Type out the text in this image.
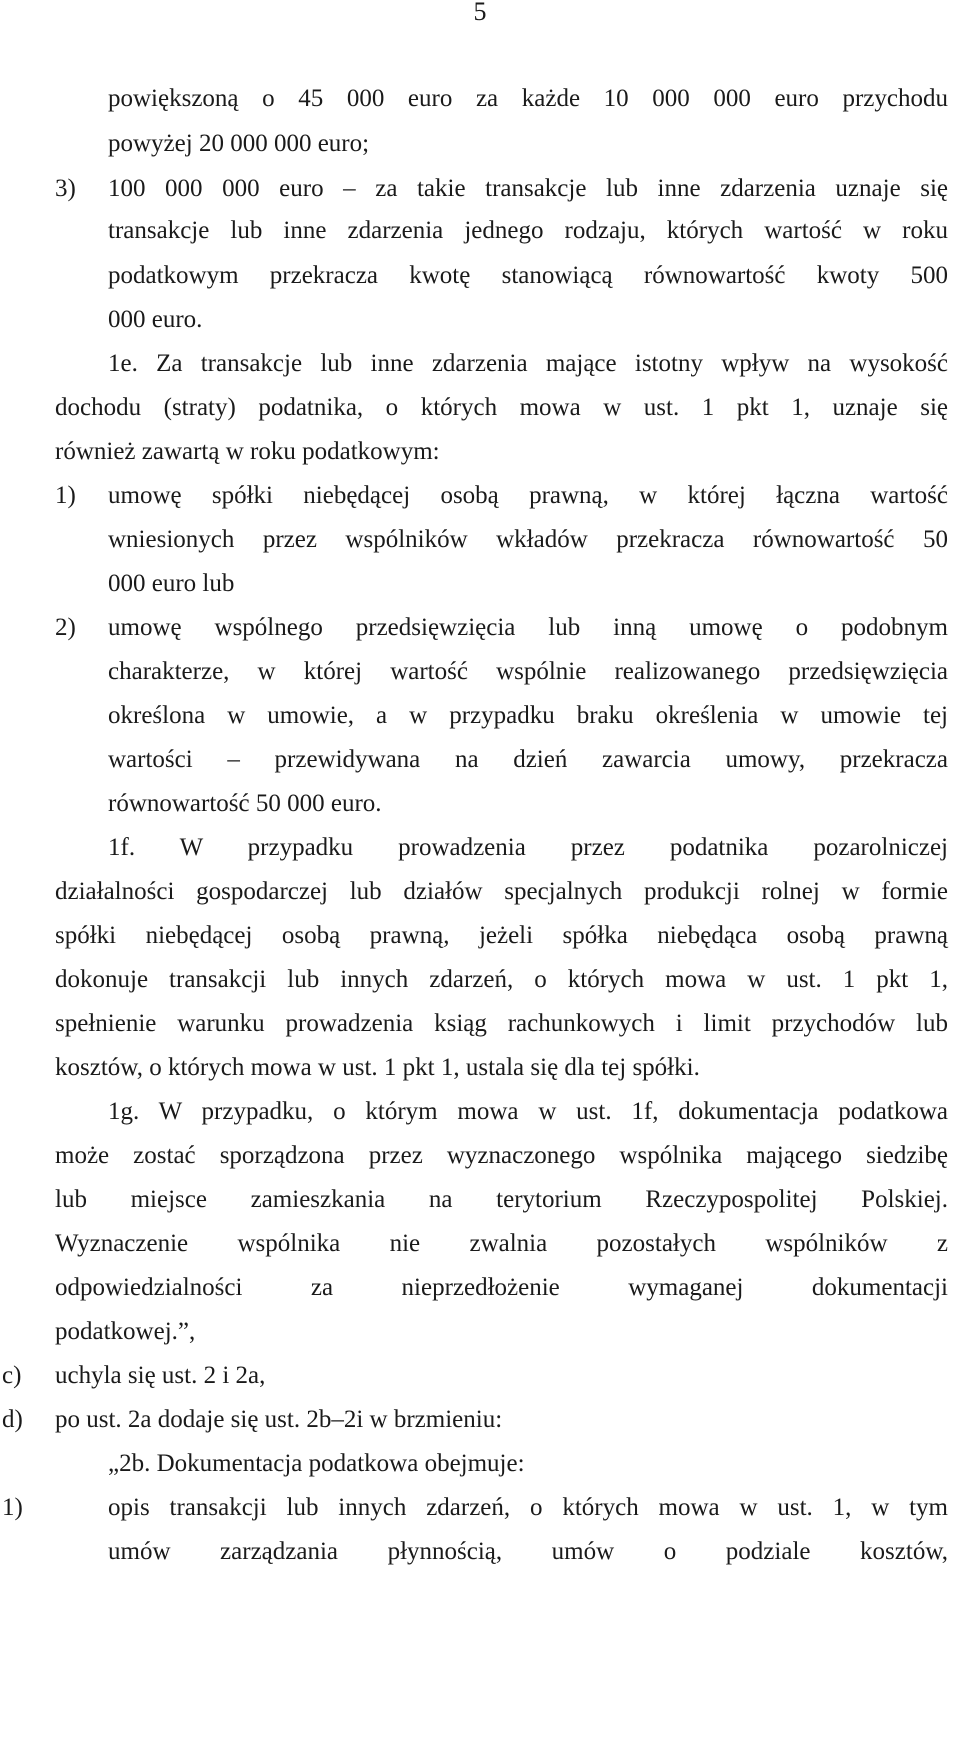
5
powiększoną o 45 000 euro za każde 10 000 000 euro przychodu
powyżej 20 000 000 euro;
3) 100 000 000 euro – za takie transakcje lub inne zdarzenia uznaje się
transakcje lub inne zdarzenia jednego rodzaju, których wartość w roku
podatkowym przekracza kwotę stanowiącą równowartość kwoty 500
000 euro.
1e. Za transakcje lub inne zdarzenia mające istotny wpływ na wysokość
dochodu (straty) podatnika, o których mowa w ust. 1 pkt 1, uznaje się
również zawartą w roku podatkowym:
1) umowę spółki niebędącej osobą prawną, w której łączna wartość
wniesionych przez wspólników wkładów przekracza równowartość 50
000 euro lub
2) umowę wspólnego przedsięwzięcia lub inną umowę o podobnym
charakterze, w której wartość wspólnie realizowanego przedsięwzięcia
określona w umowie, a w przypadku braku określenia w umowie tej
wartości – przewidywana na dzień zawarcia umowy, przekracza
równowartość 50 000 euro.
1f. W przypadku prowadzenia przez podatnika pozarolniczej
działalności gospodarczej lub działów specjalnych produkcji rolnej w formie
spółki niebędącej osobą prawną, jeżeli spółka niebędąca osobą prawną
dokonuje transakcji lub innych zdarzeń, o których mowa w ust. 1 pkt 1,
spełnienie warunku prowadzenia ksiąg rachunkowych i limit przychodów lub
kosztów, o których mowa w ust. 1 pkt 1, ustala się dla tej spółki.
1g. W przypadku, o którym mowa w ust. 1f, dokumentacja podatkowa
może zostać sporządzona przez wyznaczonego wspólnika mającego siedzibę
lub miejsce zamieszkania na terytorium Rzeczypospolitej Polskiej.
Wyznaczenie wspólnika nie zwalnia pozostałych wspólników z
odpowiedzialności za nieprzedłożenie wymaganej dokumentacji
podatkowej.”,
c) uchyla się ust. 2 i 2a,
d) po ust. 2a dodaje się ust. 2b–2i w brzmieniu:
„2b. Dokumentacja podatkowa obejmuje:
1)	opis transakcji lub innych zdarzeń, o których mowa w ust. 1, w tym
umów zarządzania płynnością, umów o podziale kosztów,
